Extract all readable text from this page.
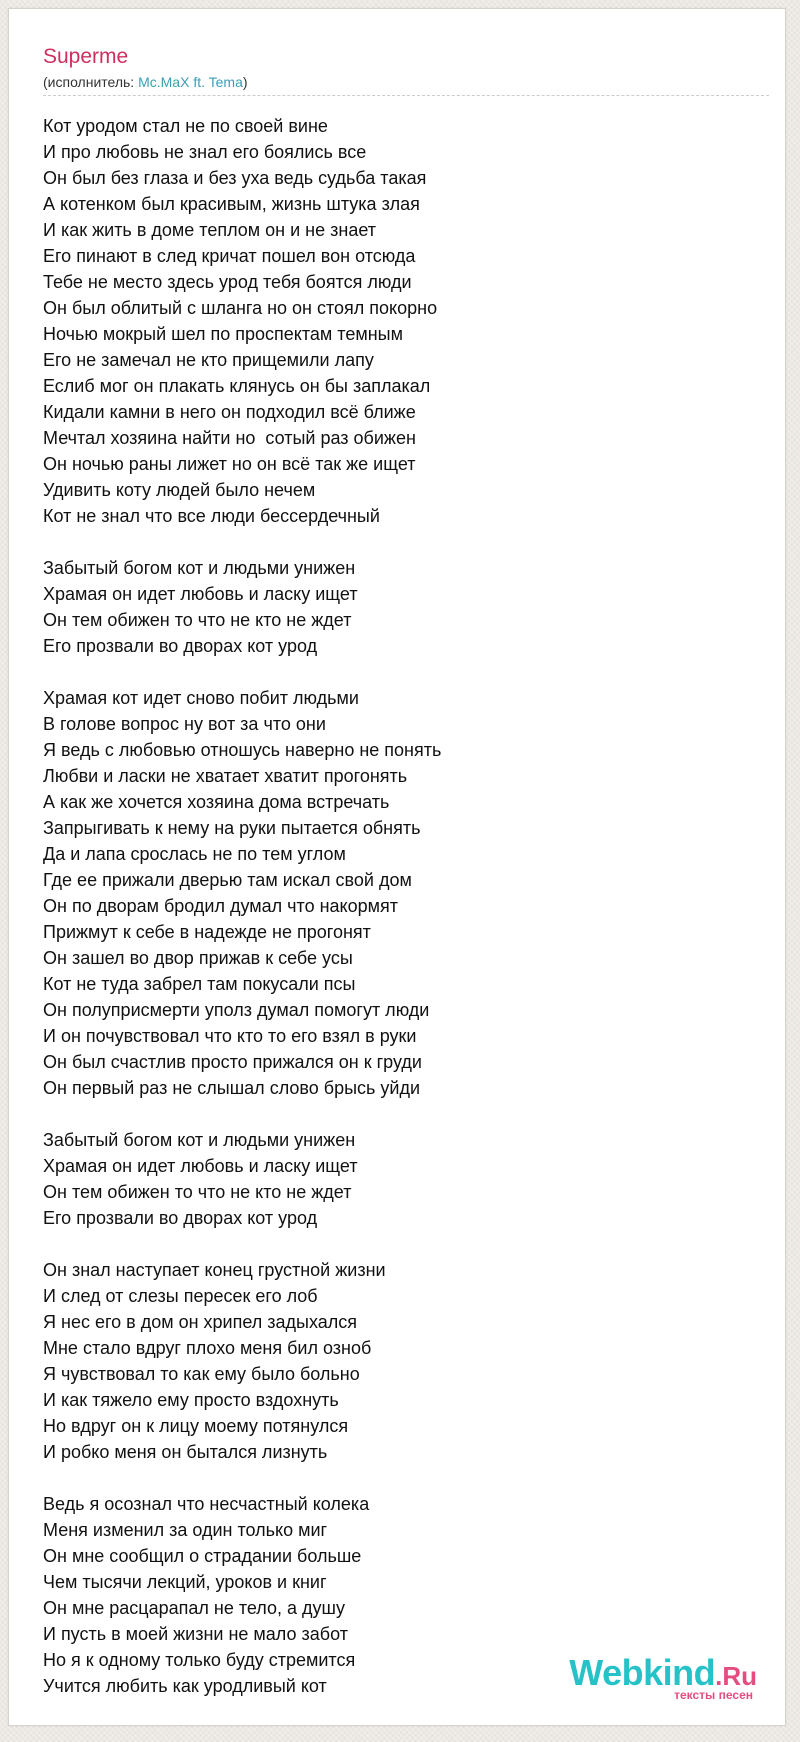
Superme
(исполнитель: Mc.MaX ft. Tema)
Кот уродом стал не по своей вине
И про любовь не знал его боялись все
Он был без глаза и без уха ведь судьба такая
А котенком был красивым, жизнь штука злая
И как жить в доме теплом он и не знает
Его пинают в след кричат пошел вон отсюда
Тебе не место здесь урод тебя боятся люди
Он был облитый с шланга но он стоял покорно
Ночью мокрый шел по проспектам темным
Его не замечал не кто прищемили лапу
Еслиб мог он плакать клянусь он бы заплакал
Кидали камни в него он подходил всё ближе
Мечтал хозяина найти но  сотый раз обижен
Он ночью раны лижет но он всё так же ищет
Удивить коту людей было нечем
Кот не знал что все люди бессердечный
Забытый богом кот и людьми унижен
Храмая он идет любовь и ласку ищет
Он тем обижен то что не кто не ждет
Его прозвали во дворах кот урод
Храмая кот идет сново побит людьми
В голове вопрос ну вот за что они
Я ведь с любовью отношусь наверно не понять
Любви и ласки не хватает хватит прогонять
А как же хочется хозяина дома встречать
Запрыгивать к нему на руки пытается обнять
Да и лапа срослась не по тем углом
Где ее прижали дверью там искал свой дом
Он по дворам бродил думал что накормят
Прижмут к себе в надежде не прогонят
Он зашел во двор прижав к себе усы
Кот не туда забрел там покусали псы
Он полуприсмерти уполз думал помогут люди
И он почувствовал что кто то его взял в руки
Он был счастлив просто прижался он к груди
Он первый раз не слышал слово брысь уйди
Забытый богом кот и людьми унижен
Храмая он идет любовь и ласку ищет
Он тем обижен то что не кто не ждет
Его прозвали во дворах кот урод
Он знал наступает конец грустной жизни
И след от слезы пересек его лоб
Я нес его в дом он хрипел задыхался
Мне стало вдруг плохо меня бил озноб
Я чувствовал то как ему было больно
И как тяжело ему просто вздохнуть
Но вдруг он к лицу моему потянулся
И робко меня он бытался лизнуть
Ведь я осознал что несчастный колека
Меня изменил за один только миг
Он мне сообщил о страдании больше
Чем тысячи лекций, уроков и книг
Он мне расцарапал не тело, а душу
И пусть в моей жизни не мало забот
Но я к одному только буду стремится
Учится любить как уродливый кот	Webkind.Ru
тексты песен
